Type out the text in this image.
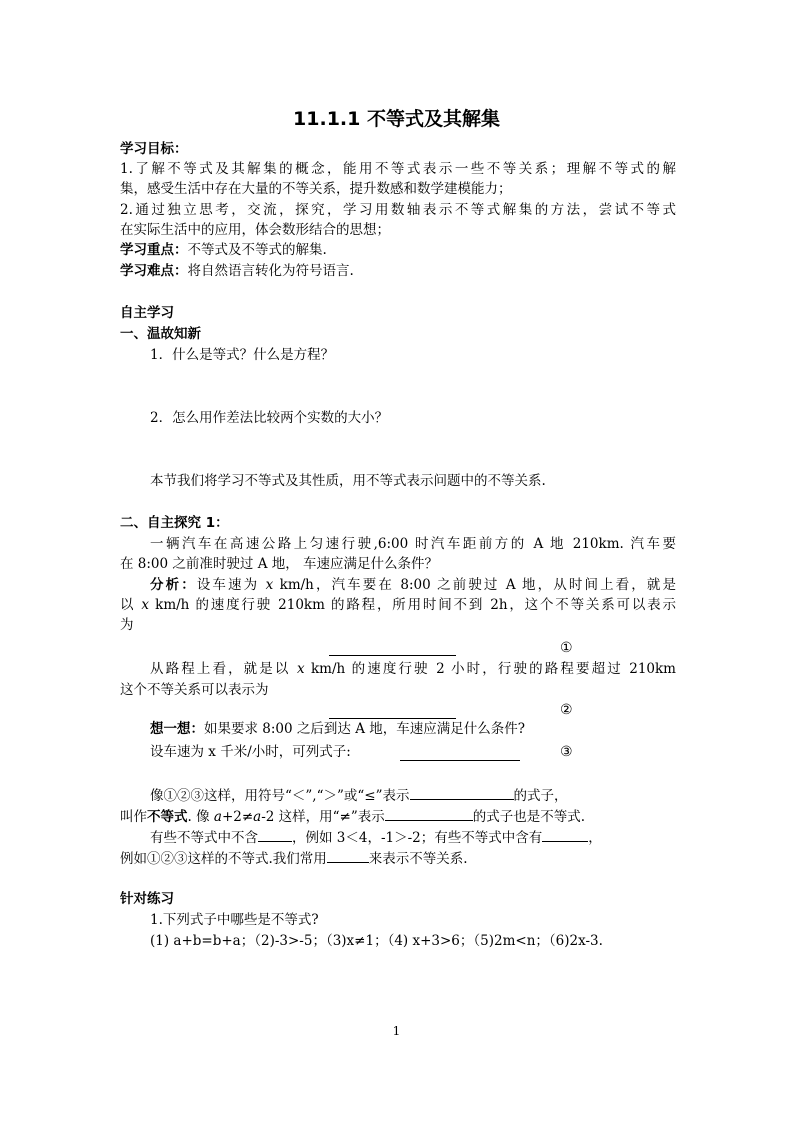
11.1.1 不等式及其解集
学习目标：
1.了解不等式及其解集的概念，能用不等式表示一些不等关系；理解不等式的解
集，感受生活中存在大量的不等关系，提升数感和数学建模能力；
2.通过独立思考，交流，探究，学习用数轴表示不等式解集的方法，尝试不等式
在实际生活中的应用，体会数形结合的思想；
学习重点：不等式及不等式的解集.
学习难点：将自然语言转化为符号语言.
自主学习
一、温故知新
1．什么是等式？什么是方程？
2．怎么用作差法比较两个实数的大小？
本节我们将学习不等式及其性质，用不等式表示问题中的不等关系.
二、自主探究 1：
一辆汽车在高速公路上匀速行驶,6:00 时汽车距前方的 A 地 210km. 汽车要
在 8:00 之前准时驶过 A 地， 车速应满足什么条件？
分析：设车速为 x km/h，汽车要在 8:00 之前驶过 A 地，从时间上看，就是
以 x km/h 的速度行驶 210km 的路程，所用时间不到 2h，这个不等关系可以表示
为
①
从路程上看，就是以 x km/h 的速度行驶 2 小时，行驶的路程要超过 210km
这个不等关系可以表示为
②
想一想：如果要求 8:00 之后到达 A 地，车速应满足什么条件?
设车速为 x 千米/小时，可列式子:	③
像①②③这样，用符号“＜”,“＞”或“≤”表示	的式子，
叫作不等式. 像 a+2≠a-2 这样，用“≠”表示	的式子也是不等式.
有些不等式中不含	，例如 3＜4，-1＞-2；有些不等式中含有	，
例如①②③这样的不等式.我们常用	来表示不等关系.
针对练习
1.下列式子中哪些是不等式?
(1) a+b=b+a；（2)-3>-5；（3)x≠1；（4) x+3>6；（5)2m<n；（6)2x-3.
1
